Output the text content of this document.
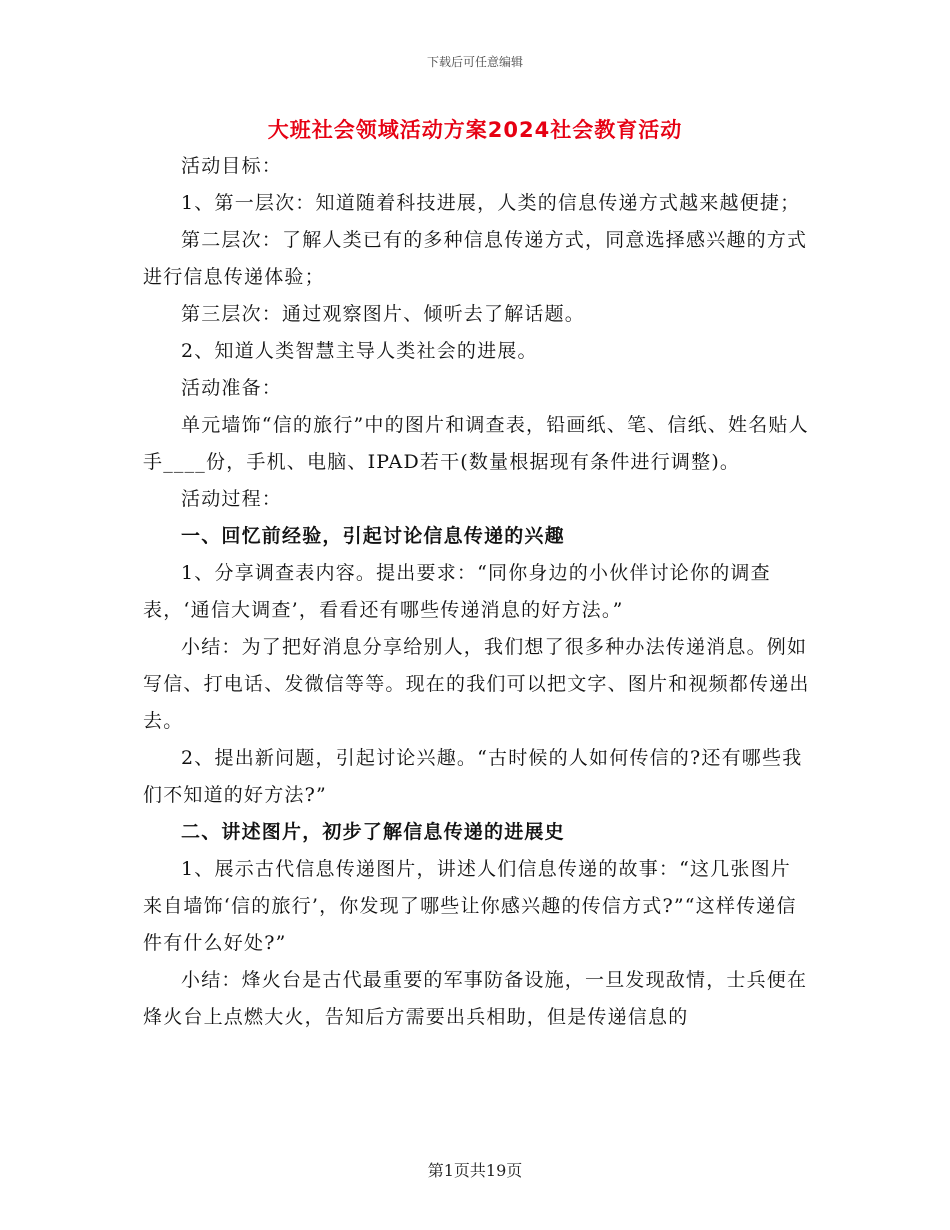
下载后可任意编辑
大班社会领域活动方案2024社会教育活动

活动目标：

1、第一层次：知道随着科技进展，人类的信息传递方式越来越便捷；

第二层次：了解人类已有的多种信息传递方式，同意选择感兴趣的方式进行信息传递体验；

第三层次：通过观察图片、倾听去了解话题。

2、知道人类智慧主导人类社会的进展。

活动准备：

单元墙饰“信的旅行”中的图片和调查表，铅画纸、笔、信纸、姓名贴人手____份，手机、电脑、IPAD若干(数量根据现有条件进行调整)。

活动过程：

一、回忆前经验，引起讨论信息传递的兴趣

1、分享调查表内容。提出要求：“同你身边的小伙伴讨论你的调查表，‘通信大调查’，看看还有哪些传递消息的好方法。”

小结：为了把好消息分享给别人，我们想了很多种办法传递消息。例如写信、打电话、发微信等等。现在的我们可以把文字、图片和视频都传递出去。

2、提出新问题，引起讨论兴趣。“古时候的人如何传信的?还有哪些我们不知道的好方法?”

二、讲述图片，初步了解信息传递的进展史

1、展示古代信息传递图片，讲述人们信息传递的故事：“这几张图片来自墙饰‘信的旅行’，你发现了哪些让你感兴趣的传信方式?”“这样传递信件有什么好处?”

小结：烽火台是古代最重要的军事防备设施，一旦发现敌情，士兵便在烽火台上点燃大火，告知后方需要出兵相助，但是传递信息的

第1页共19页
